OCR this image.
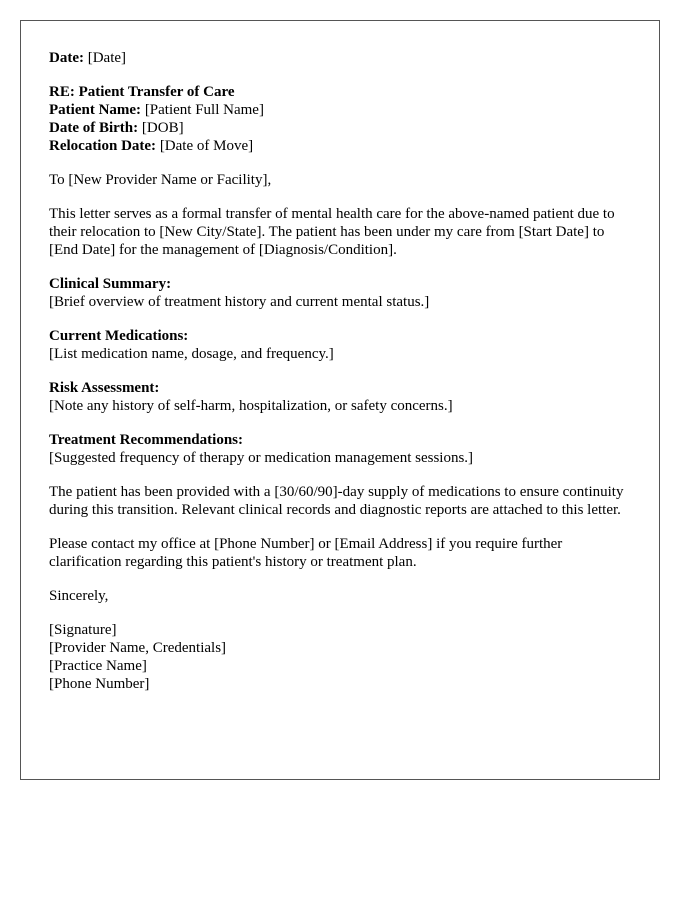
Date: [Date]
RE: Patient Transfer of Care
Patient Name: [Patient Full Name]
Date of Birth: [DOB]
Relocation Date: [Date of Move]

To [New Provider Name or Facility],

This letter serves as a formal transfer of mental health care for the above-named patient due to their relocation to [New City/State]. The patient has been under my care from [Start Date] to [End Date] for the management of [Diagnosis/Condition].

Clinical Summary:
[Brief overview of treatment history and current mental status.]
Current Medications:
[List medication name, dosage, and frequency.]
Risk Assessment:
[Note any history of self-harm, hospitalization, or safety concerns.]
Treatment Recommendations:
[Suggested frequency of therapy or medication management sessions.]

The patient has been provided with a [30/60/90]-day supply of medications to ensure continuity during this transition. Relevant clinical records and diagnostic reports are attached to this letter.

Please contact my office at [Phone Number] or [Email Address] if you require further clarification regarding this patient's history or treatment plan.

Sincerely,

[Signature]
[Provider Name, Credentials]
[Practice Name]
[Phone Number]
